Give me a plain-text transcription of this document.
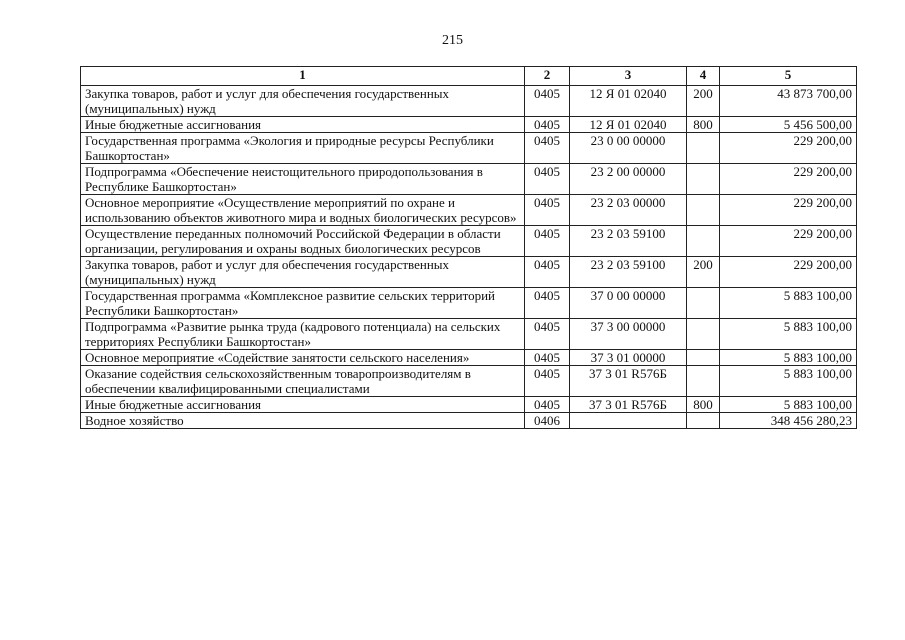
215
1	2	3	4	5
Закупка товаров, работ и услуг для обеспечения государственных (муниципальных) нужд	0405	12 Я 01 02040	200	43 873 700,00
Иные бюджетные ассигнования	0405	12 Я 01 02040	800	5 456 500,00
Государственная программа «Экология и природные ресурсы Республики Башкортостан»	0405	23 0 00 00000		229 200,00
Подпрограмма «Обеспечение неистощительного природопользования в Республике Башкортостан»	0405	23 2 00 00000		229 200,00
Основное мероприятие «Осуществление мероприятий по охране и использованию объектов животного мира и водных биологических ресурсов»	0405	23 2 03 00000		229 200,00
Осуществление переданных полномочий Российской Федерации в области организации, регулирования и охраны водных биологических ресурсов	0405	23 2 03 59100		229 200,00
Закупка товаров, работ и услуг для обеспечения государственных (муниципальных) нужд	0405	23 2 03 59100	200	229 200,00
Государственная программа «Комплексное развитие сельских территорий Республики Башкортостан»	0405	37 0 00 00000		5 883 100,00
Подпрограмма «Развитие рынка труда (кадрового потенциала) на сельских территориях Республики Башкортостан»	0405	37 3 00 00000		5 883 100,00
Основное мероприятие «Содействие занятости сельского населения»	0405	37 3 01 00000		5 883 100,00
Оказание содействия сельскохозяйственным товаропроизводителям в обеспечении квалифицированными специалистами	0405	37 3 01 R576Б		5 883 100,00
Иные бюджетные ассигнования	0405	37 3 01 R576Б	800	5 883 100,00
Водное хозяйство	0406			348 456 280,23
